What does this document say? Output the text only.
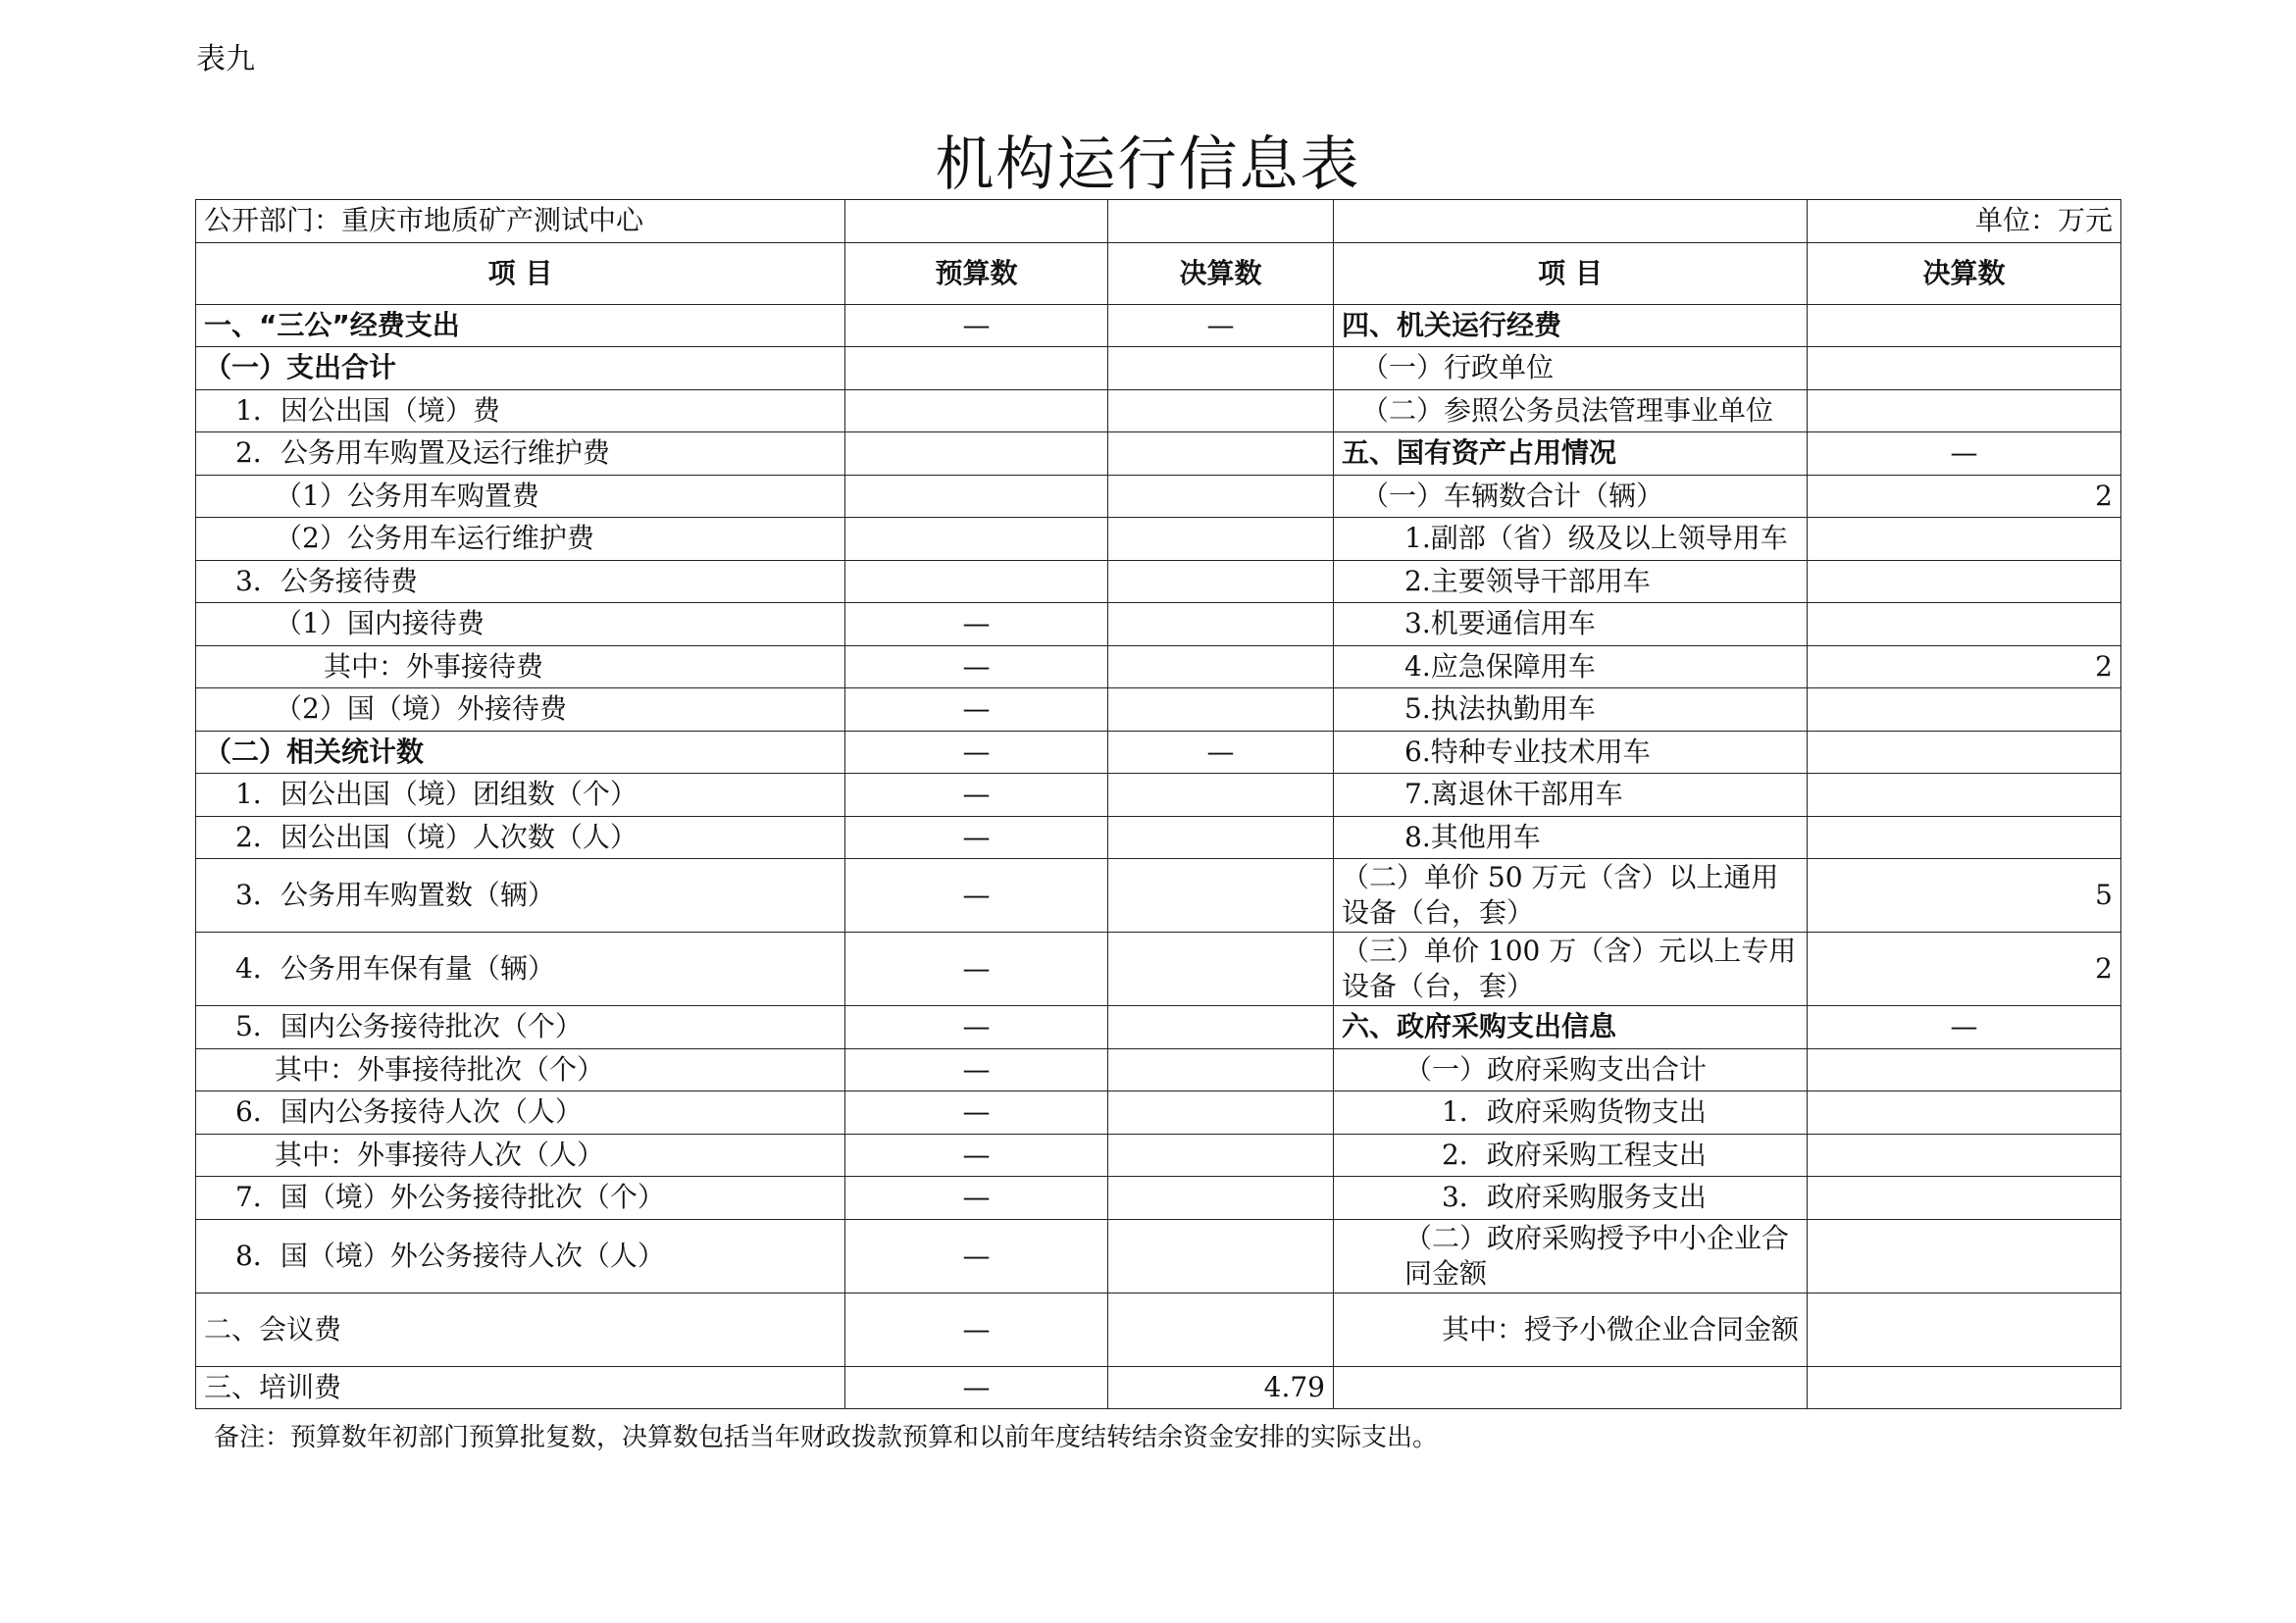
表九
机构运行信息表
公开部门：重庆市地质矿产测试中心				单位：万元
项 目	预算数	决算数	项 目	决算数
一、“三公”经费支出	—	—	四、机关运行经费	
（一）支出合计			（一）行政单位	
1．因公出国（境）费			（二）参照公务员法管理事业单位	
2．公务用车购置及运行维护费			五、国有资产占用情况	—
（1）公务用车购置费			（一）车辆数合计（辆）	2
（2）公务用车运行维护费			1.副部（省）级及以上领导用车	
3．公务接待费			2.主要领导干部用车	
（1）国内接待费	—		3.机要通信用车	
其中：外事接待费	—		4.应急保障用车	2
（2）国（境）外接待费	—		5.执法执勤用车	
（二）相关统计数	—	—	6.特种专业技术用车	
1．因公出国（境）团组数（个）	—		7.离退休干部用车	
2．因公出国（境）人次数（人）	—		8.其他用车	
3．公务用车购置数（辆）	—		（二）单价 50 万元（含）以上通用设备（台，套）	5
4．公务用车保有量（辆）	—		（三）单价 100 万（含）元以上专用设备（台，套）	2
5．国内公务接待批次（个）	—		六、政府采购支出信息	—
其中：外事接待批次（个）	—		（一）政府采购支出合计	
6．国内公务接待人次（人）	—		1．政府采购货物支出	
其中：外事接待人次（人）	—		2．政府采购工程支出	
7．国（境）外公务接待批次（个）	—		3．政府采购服务支出	
8．国（境）外公务接待人次（人）	—		（二）政府采购授予中小企业合同金额	
二、会议费	—		其中：授予小微企业合同金额	
三、培训费	—	4.79		
备注：预算数年初部门预算批复数，决算数包括当年财政拨款预算和以前年度结转结余资金安排的实际支出。
